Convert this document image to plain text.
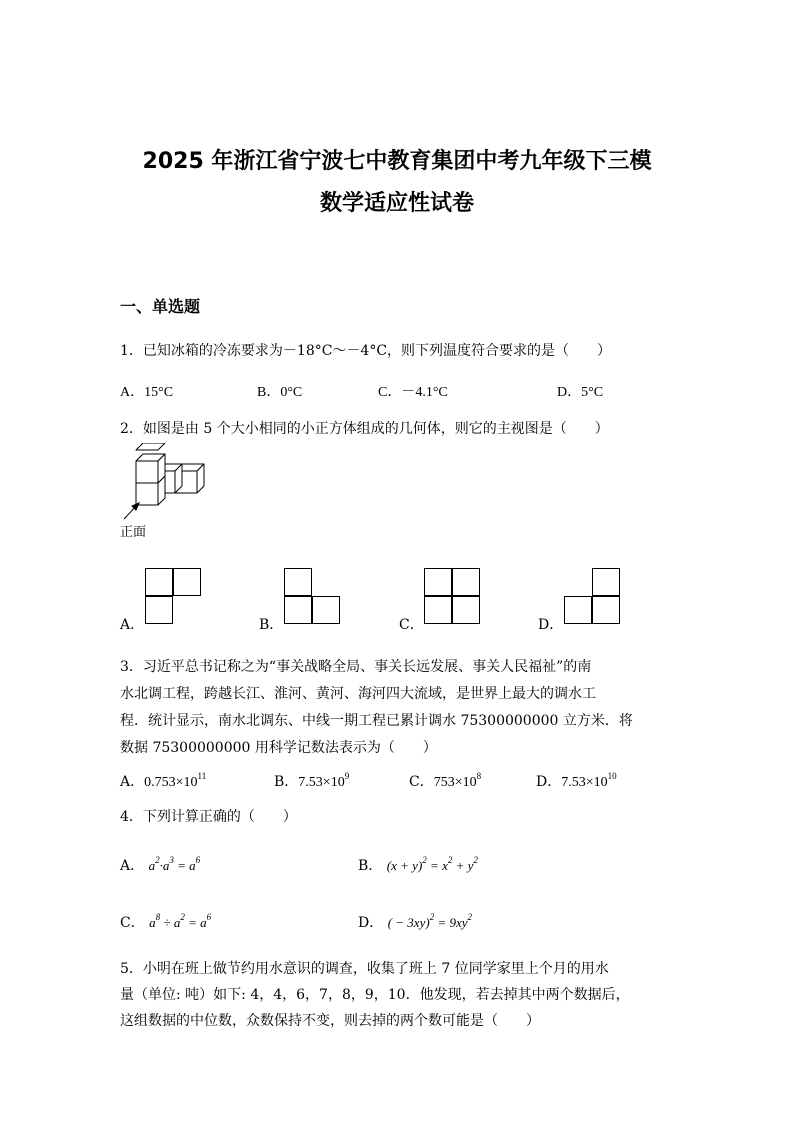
2025 年浙江省宁波七中教育集团中考九年级下三模
数学适应性试卷
一、单选题
1．已知冰箱的冷冻要求为－18°C～－4°C，则下列温度符合要求的是（　　）
A．15°C	B．0°C	C．－4.1°C	D．5°C
2．如图是由 5 个大小相同的小正方体组成的几何体，则它的主视图是（　　）
正面
A．	B．	C．	D．
3．习近平总书记称之为“事关战略全局、事关长远发展、事关人民福祉”的南
水北调工程，跨越长江、淮河、黄河、海河四大流域，是世界上最大的调水工
程．统计显示，南水北调东、中线一期工程已累计调水 75300000000 立方米．将
数据 75300000000 用科学记数法表示为（　　）
A．$0.753\times 10^{11}$	B．$7.53\times 10^9$	C．$753\times 10^8$	D．$7.53\times 10^{10}$
4．下列计算正确的（　　）
A． $a^2\cdot a^3 = a^6$	B． $(x + y)^2 = x^2 + y^2$
C． $a^8 \div a^2 = a^6$	D． ( − $3xy)^2 = 9xy^2$
5．小明在班上做节约用水意识的调查，收集了班上 7 位同学家里上个月的用水
量（单位: 吨）如下: 4，4，6，7，8，9，10．他发现，若去掉其中两个数据后，
这组数据的中位数，众数保持不变，则去掉的两个数可能是（　　）
